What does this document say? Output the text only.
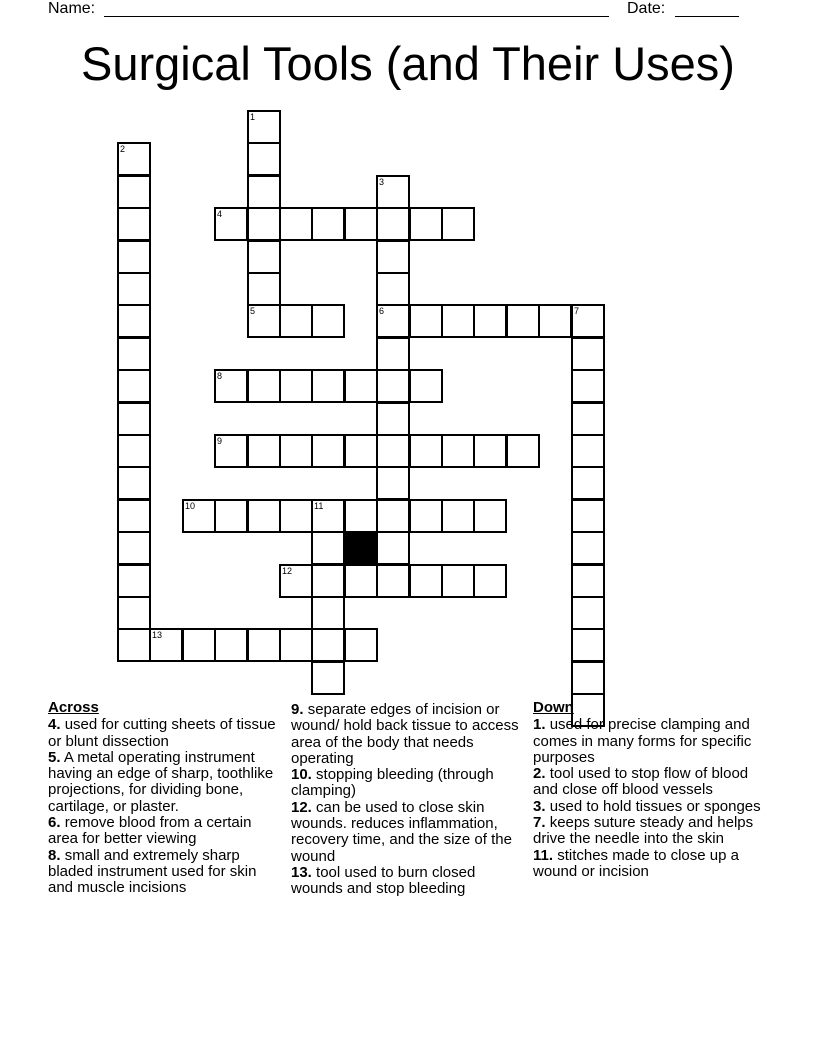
Name:	Date:
Surgical Tools (and Their Uses)
1
5
2
3
6
4
7
8
9
10	11
12
13
Across
4. used for cutting sheets of tissue or blunt dissection
5. A metal operating instrument having an edge of sharp, toothlike projections, for dividing bone, cartilage, or plaster.
6. remove blood from a certain area for better viewing
8. small and extremely sharp bladed instrument used for skin and muscle incisions
9. separate edges of incision or wound/ hold back tissue to access area of the body that needs operating
10. stopping bleeding (through clamping)
12. can be used to close skin wounds. reduces inflammation, recovery time, and the size of the wound
13. tool used to burn closed wounds and stop bleeding
Down
1. used for precise clamping and comes in many forms for specific purposes
2. tool used to stop flow of blood and close off blood vessels
3. used to hold tissues or sponges
7. keeps suture steady and helps drive the needle into the skin
11. stitches made to close up a wound or incision
